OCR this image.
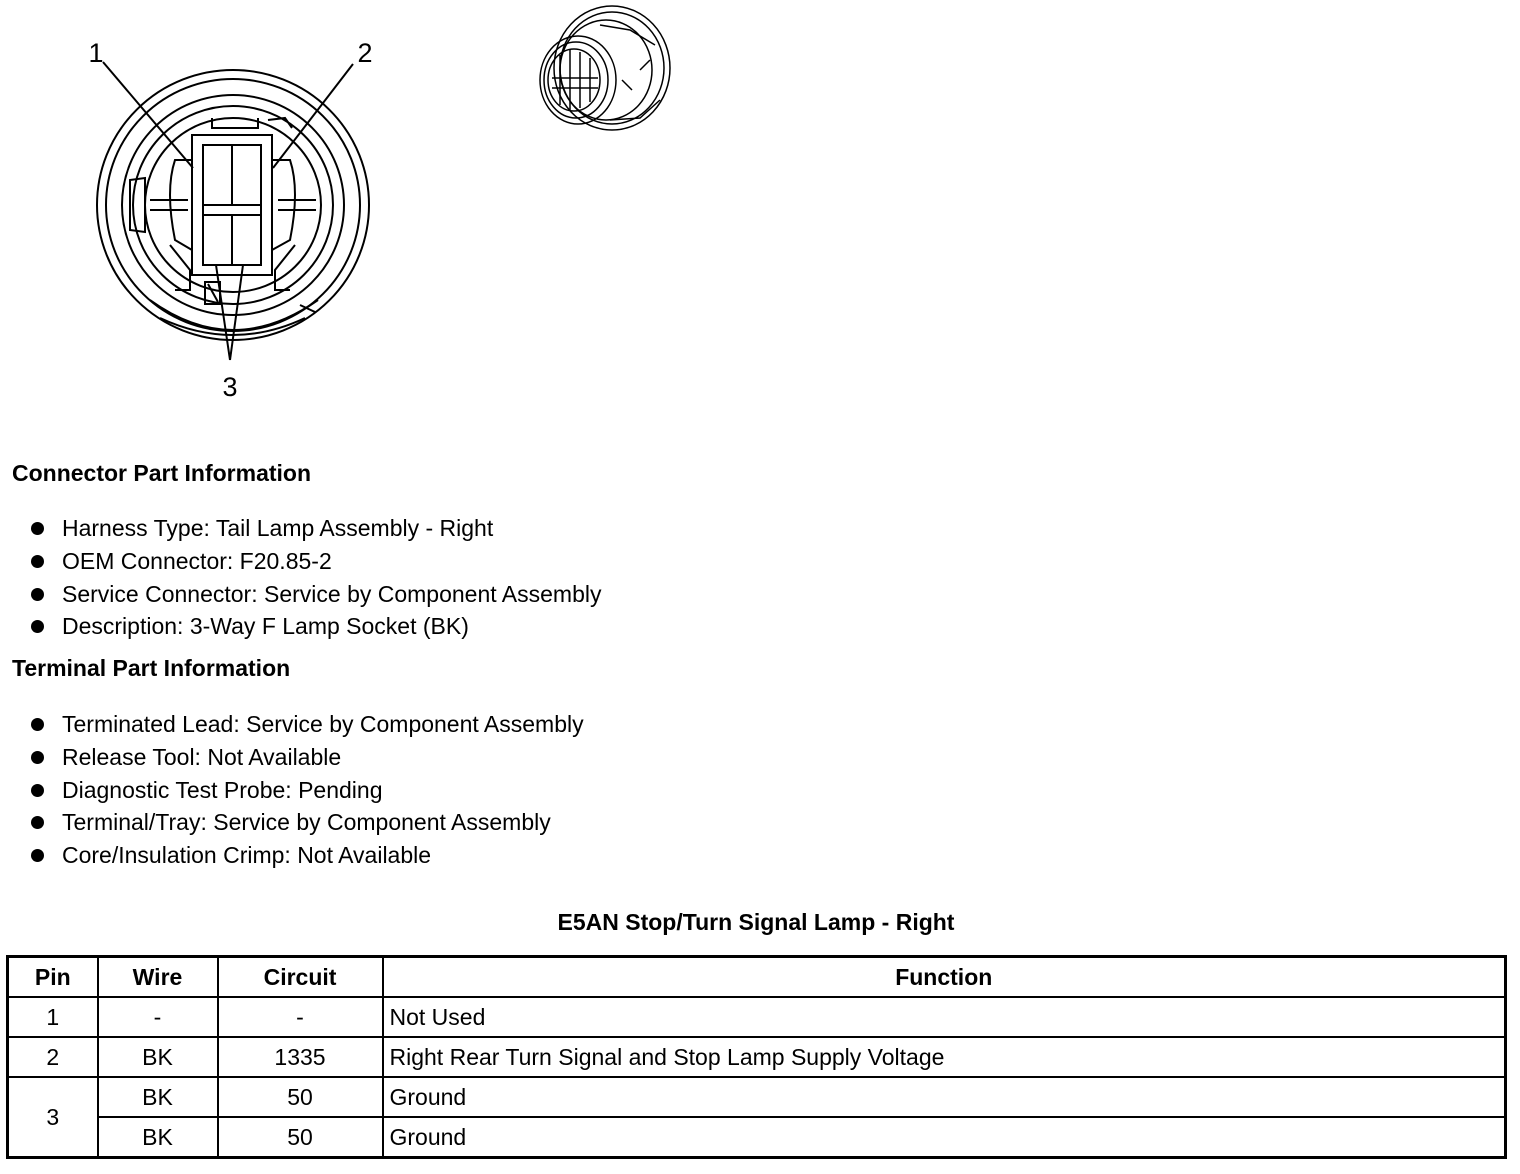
1	2
3
Connector Part Information
Harness Type: Tail Lamp Assembly - Right
OEM Connector: F20.85-2
Service Connector: Service by Component Assembly
Description: 3-Way F Lamp Socket (BK)
Terminal Part Information
Terminated Lead: Service by Component Assembly
Release Tool: Not Available
Diagnostic Test Probe: Pending
Terminal/Tray: Service by Component Assembly
Core/Insulation Crimp: Not Available
E5AN Stop/Turn Signal Lamp - Right
Pin	Wire	Circuit	Function
1	-	-	Not Used
2	BK	1335	Right Rear Turn Signal and Stop Lamp Supply Voltage
3	BK	50	Ground
	BK	50	Ground
